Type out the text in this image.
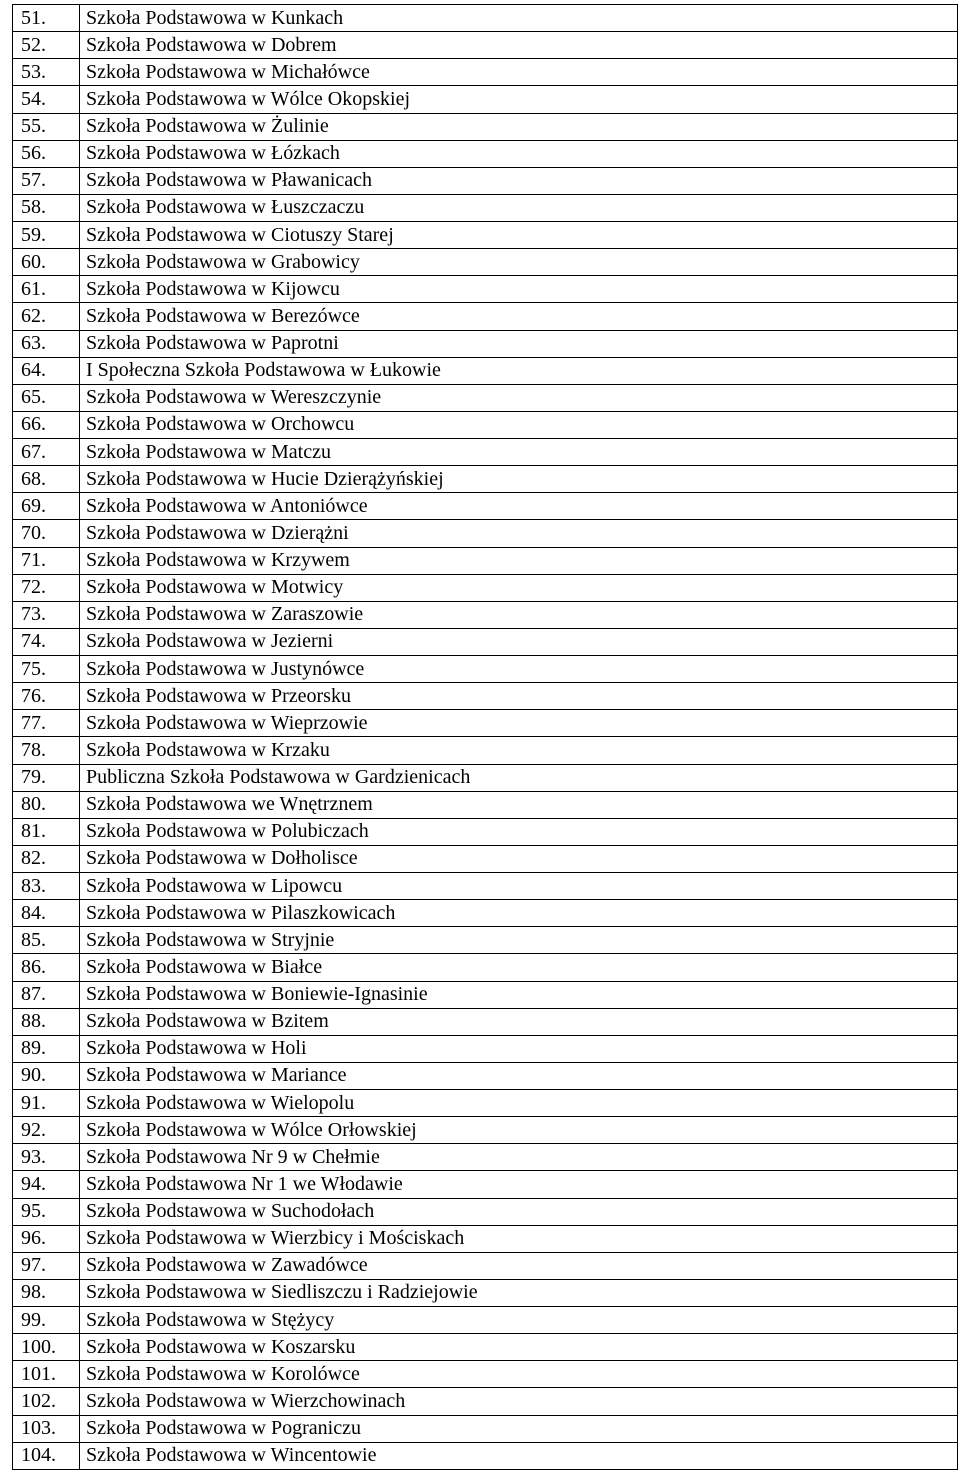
51.	Szkoła Podstawowa w Kunkach
52.	Szkoła Podstawowa w Dobrem
53.	Szkoła Podstawowa w Michałówce
54.	Szkoła Podstawowa w Wólce Okopskiej
55.	Szkoła Podstawowa w Żulinie
56.	Szkoła Podstawowa w Łózkach
57.	Szkoła Podstawowa w Pławanicach
58.	Szkoła Podstawowa w Łuszczaczu
59.	Szkoła Podstawowa w Ciotuszy Starej
60.	Szkoła Podstawowa w Grabowicy
61.	Szkoła Podstawowa w Kijowcu
62.	Szkoła Podstawowa w Berezówce
63.	Szkoła Podstawowa w Paprotni
64.	I Społeczna Szkoła Podstawowa w Łukowie
65.	Szkoła Podstawowa w Wereszczynie
66.	Szkoła Podstawowa w Orchowcu
67.	Szkoła Podstawowa w Matczu
68.	Szkoła Podstawowa w Hucie Dzierążyńskiej
69.	Szkoła Podstawowa w Antoniówce
70.	Szkoła Podstawowa w Dzierążni
71.	Szkoła Podstawowa w Krzywem
72.	Szkoła Podstawowa w Motwicy
73.	Szkoła Podstawowa w Zaraszowie
74.	Szkoła Podstawowa w Jezierni
75.	Szkoła Podstawowa w Justynówce
76.	Szkoła Podstawowa w Przeorsku
77.	Szkoła Podstawowa w Wieprzowie
78.	Szkoła Podstawowa w Krzaku
79.	Publiczna Szkoła Podstawowa w Gardzienicach
80.	Szkoła Podstawowa we Wnętrznem
81.	Szkoła Podstawowa w Polubiczach
82.	Szkoła Podstawowa w Dołholisce
83.	Szkoła Podstawowa w Lipowcu
84.	Szkoła Podstawowa w Pilaszkowicach
85.	Szkoła Podstawowa w Stryjnie
86.	Szkoła Podstawowa w Białce
87.	Szkoła Podstawowa w Boniewie-Ignasinie
88.	Szkoła Podstawowa w Bzitem
89.	Szkoła Podstawowa w Holi
90.	Szkoła Podstawowa w Mariance
91.	Szkoła Podstawowa w Wielopolu
92.	Szkoła Podstawowa w Wólce Orłowskiej
93.	Szkoła Podstawowa Nr 9 w Chełmie
94.	Szkoła Podstawowa Nr 1 we Włodawie
95.	Szkoła Podstawowa w Suchodołach
96.	Szkoła Podstawowa w Wierzbicy i Mościskach
97.	Szkoła Podstawowa w Zawadówce
98.	Szkoła Podstawowa w Siedliszczu i Radziejowie
99.	Szkoła Podstawowa w Stężycy
100.	Szkoła Podstawowa w Koszarsku
101.	Szkoła Podstawowa w Korolówce
102.	Szkoła Podstawowa w Wierzchowinach
103.	Szkoła Podstawowa w Pograniczu
104.	Szkoła Podstawowa w Wincentowie
